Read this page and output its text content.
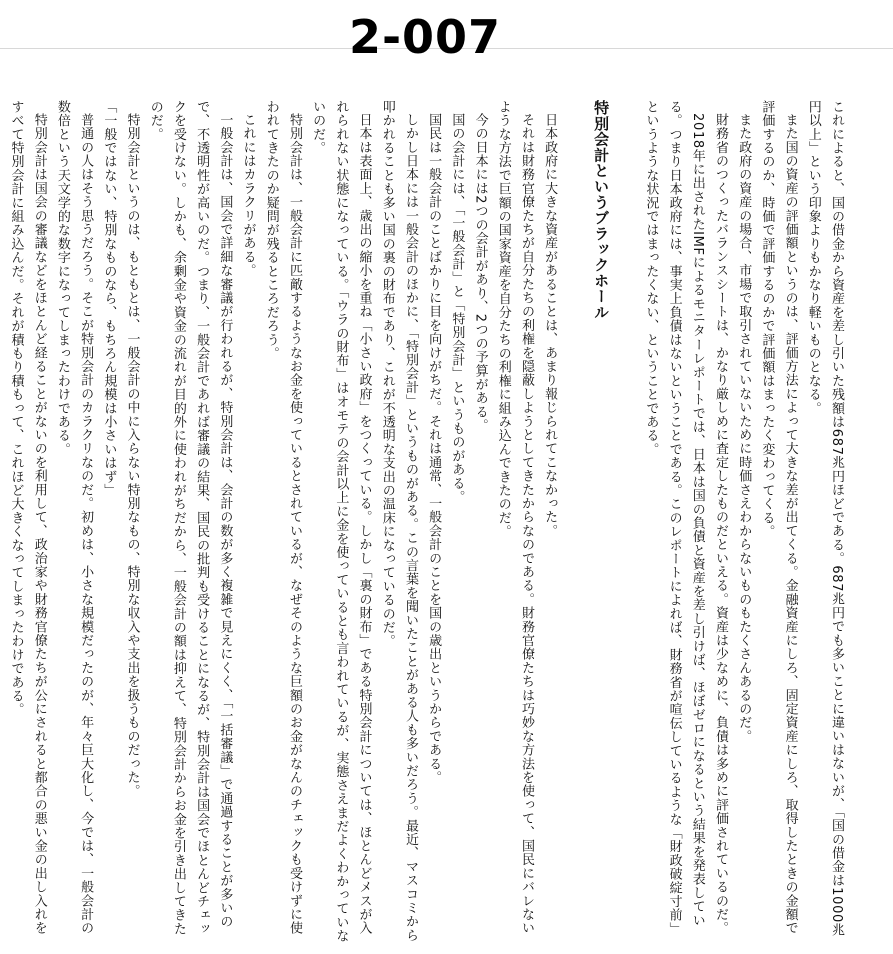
2-007

これによると、国の借金から資産を差し引いた残額は687兆円ほどである。687兆円でも多いことに違いはないが、「国の借金は1000兆円以上」という印象よりもかなり軽いものとなる。

また国の資産の評価額というのは、評価方法によって大きな差が出てくる。金融資産にしろ、固定資産にしろ、取得したときの金額で評価するのか、時価で評価するのかで評価額はまったく変わってくる。

また政府の資産の場合、市場で取引されていないために時価さえわからないものもたくさんあるのだ。

財務省のつくったバランスシートは、かなり厳しめに査定したものだといえる。資産は少なめに、負債は多めに評価されているのだ。

2018年に出されたIMFによるモニターレポートでは、日本は国の負債と資産を差し引けば、ほぼゼロになるという結果を発表している。つまり日本政府には、事実上負債はないということである。このレポートによれば、財務省が喧伝しているような「財政破綻寸前」というような状況ではまったくない、ということである。

特別会計というブラックホール

日本政府に大きな資産があることは、あまり報じられてこなかった。

それは財務官僚たちが自分たちの利権を隠蔽しようとしてきたからなのである。財務官僚たちは巧妙な方法を使って、国民にバレないような方法で巨額の国家資産を自分たちの利権に組み込んできたのだ。

今の日本には2つの会計があり、2つの予算がある。

国の会計には、「一般会計」と「特別会計」というものがある。

国民は一般会計のことばかりに目を向けがちだ。それは通常、一般会計のことを国の歳出というからである。

しかし日本には一般会計のほかに、「特別会計」というものがある。この言葉を聞いたことがある人も多いだろう。最近、マスコミから叩かれることも多い国の裏の財布であり、これが不透明な支出の温床になっているのだ。

日本は表面上、歳出の縮小を重ね「小さい政府」をつくっている。しかし「裏の財布」である特別会計については、ほとんどメスが入れられない状態になっている。「ウラの財布」はオモテの会計以上に金を使っているとも言われているが、実態さえまだよくわかっていないのだ。

特別会計は、一般会計に匹敵するようなお金を使っているとされているが、なぜそのような巨額のお金がなんのチェックも受けずに使われてきたのか疑問が残るところだろう。

これにはカラクリがある。

一般会計は、国会で詳細な審議が行われるが、特別会計は、会計の数が多く複雑で見えにくく、「一括審議」で通過することが多いので、不透明性が高いのだ。つまり、一般会計であれば審議の結果、国民の批判も受けることになるが、特別会計は国会でほとんどチェックを受けない。しかも、余剰金や資金の流れが目的外に使われがちだから、一般会計の額は抑えて、特別会計からお金を引き出してきたのだ。

特別会計というのは、もともとは、一般会計の中に入らない特別なもの、特別な収入や支出を扱うものだった。

「一般ではない、特別なものなら、もちろん規模は小さいはず」

普通の人はそう思うだろう。そこが特別会計のカラクリなのだ。初めは、小さな規模だったのが、年々巨大化し、今では、一般会計の数倍という天文学的な数字になってしまったわけである。

特別会計は国会の審議などをほとんど経ることがないのを利用して、政治家や財務官僚たちが公にされると都合の悪い金の出し入れをすべて特別会計に組み込んだ。それが積もり積もって、これほど大きくなってしまったわけである。
